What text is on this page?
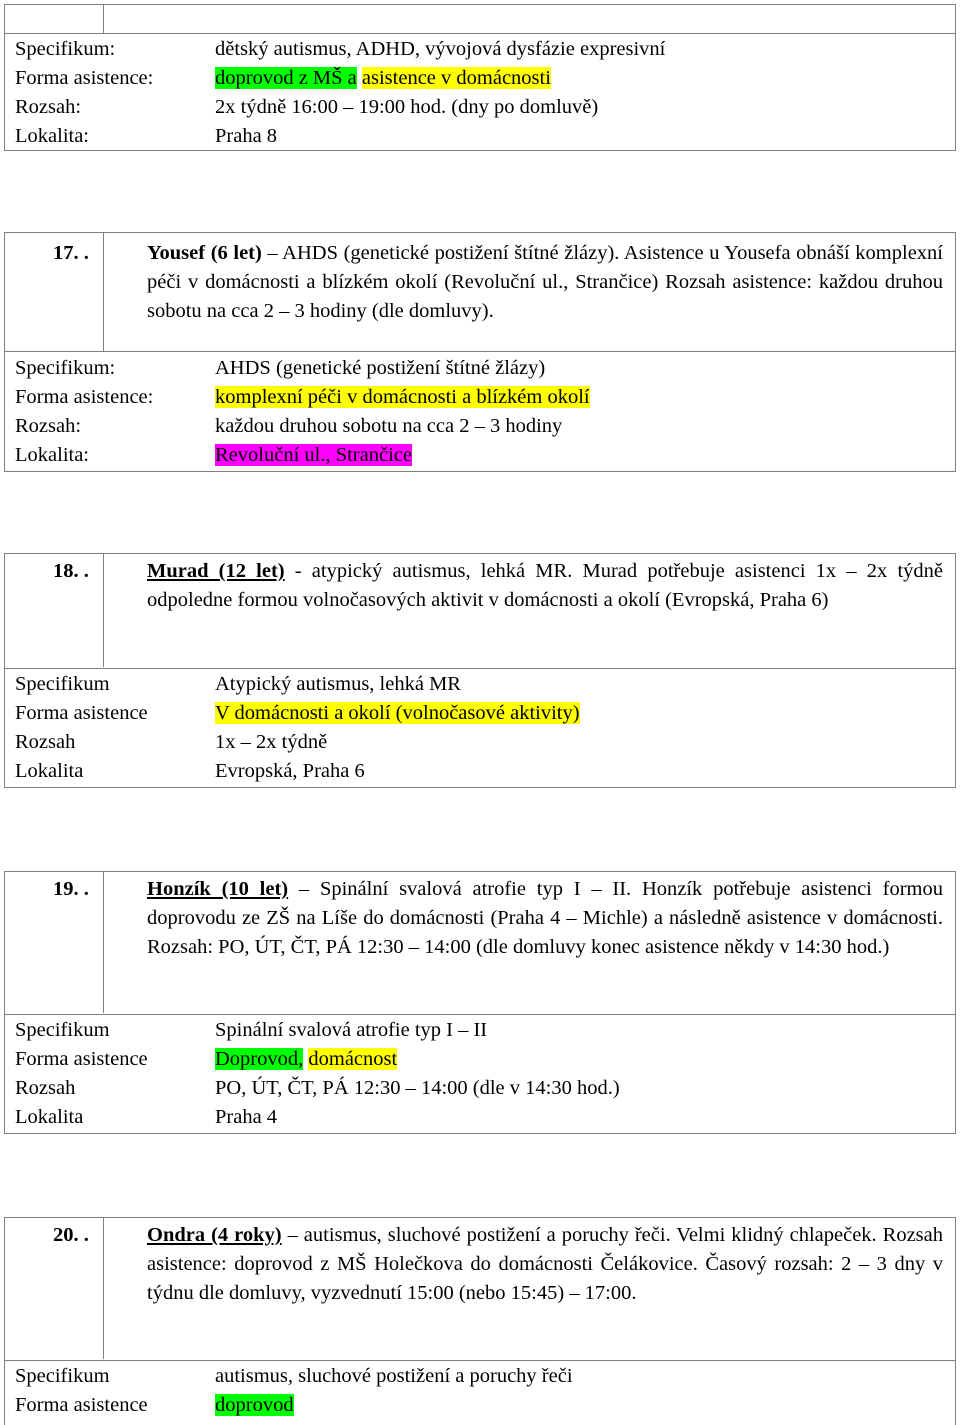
Specifikum:	dětský autismus, ADHD, vývojová dysfázie expresivní
Forma asistence:	doprovod z MŠ a asistence v domácnosti
Rozsah:	2x týdně 16:00 – 19:00 hod. (dny po domluvě)
Lokalita:	Praha 8
17. .	Yousef (6 let) – AHDS (genetické postižení štítné žlázy). Asistence u Yousefa obnáší komplexní péči v domácnosti a blízkém okolí (Revoluční ul., Strančice) Rozsah asistence: každou druhou sobotu na cca 2 – 3 hodiny (dle domluvy).
Specifikum:	AHDS (genetické postižení štítné žlázy)
Forma asistence:	komplexní péči v domácnosti a blízkém okolí
Rozsah:	každou druhou sobotu na cca 2 – 3 hodiny
Lokalita:	Revoluční ul., Strančice
18. .	Murad (12 let) - atypický autismus, lehká MR. Murad potřebuje asistenci 1x – 2x týdně odpoledne formou volnočasových aktivit v domácnosti a okolí (Evropská, Praha 6)
Specifikum	Atypický autismus, lehká MR
Forma asistence	V domácnosti a okolí (volnočasové aktivity)
Rozsah	1x – 2x týdně
Lokalita	Evropská, Praha 6
19. .	Honzík (10 let) – Spinální svalová atrofie typ I – II. Honzík potřebuje asistenci formou doprovodu ze ZŠ na Líše do domácnosti (Praha 4 – Michle) a následně asistence v domácnosti. Rozsah: PO, ÚT, ČT, PÁ 12:30 – 14:00 (dle domluvy konec asistence někdy v 14:30 hod.)
Specifikum	Spinální svalová atrofie typ I – II
Forma asistence	Doprovod, domácnost
Rozsah	PO, ÚT, ČT, PÁ 12:30 – 14:00 (dle v 14:30 hod.)
Lokalita	Praha 4
20. .	Ondra (4 roky) – autismus, sluchové postižení a poruchy řeči. Velmi klidný chlapeček. Rozsah asistence: doprovod z MŠ Holečkova do domácnosti Čelákovice. Časový rozsah: 2 – 3 dny v týdnu dle domluvy, vyzvednutí 15:00 (nebo 15:45) – 17:00.
Specifikum	autismus, sluchové postižení a poruchy řeči
Forma asistence	doprovod
